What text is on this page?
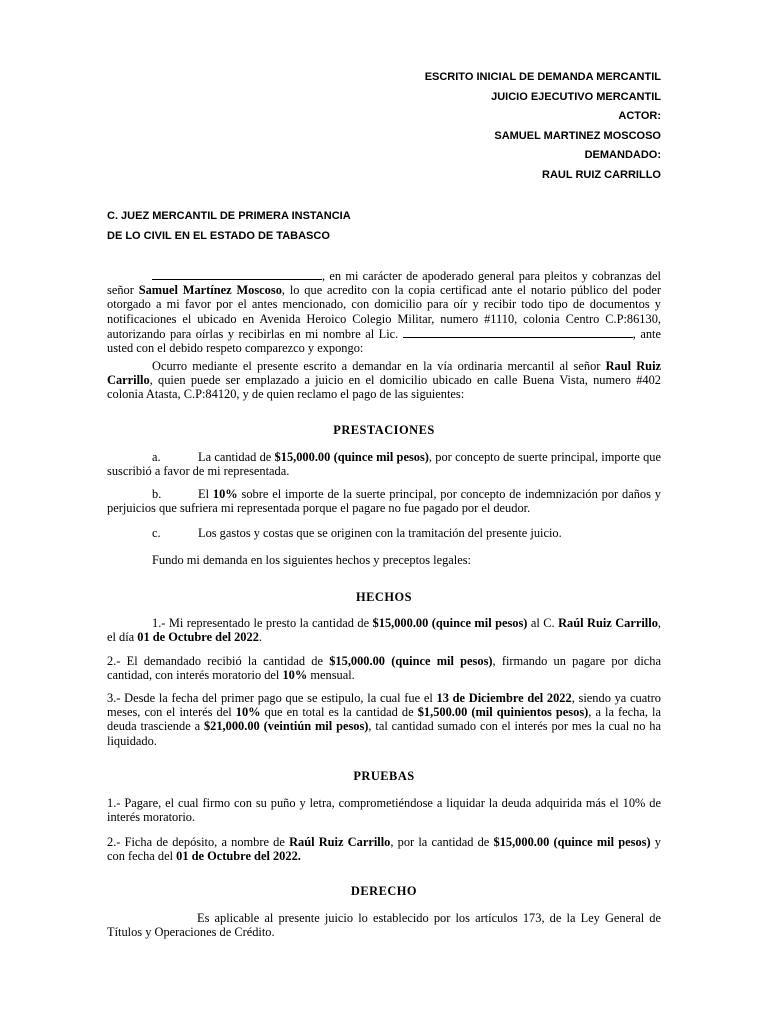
ESCRITO INICIAL DE DEMANDA MERCANTIL
JUICIO EJECUTIVO MERCANTIL
ACTOR:
SAMUEL MARTINEZ MOSCOSO
DEMANDADO:
RAUL RUIZ CARRILLO
C. JUEZ MERCANTIL DE PRIMERA INSTANCIA
DE LO CIVIL EN EL ESTADO DE TABASCO

, en mi carácter de apoderado general para pleitos y cobranzas del señor Samuel Martínez Moscoso, lo que acredito con la copia certificad ante el notario público del poder otorgado a mi favor por el antes mencionado, con domicilio para oír y recibir todo tipo de documentos y notificaciones el ubicado en Avenida Heroico Colegio Militar, numero #1110, colonia Centro C.P:86130, autorizando para oírlas y recibirlas en mi nombre al Lic.	, ante usted con el debido respeto comparezco y expongo:

Ocurro mediante el presente escrito a demandar en la vía ordinaria mercantil al señor Raul Ruiz Carrillo, quien puede ser emplazado a juicio en el domicilio ubicado en calle Buena Vista, numero #402 colonia Atasta, C.P:84120, y de quien reclamo el pago de las siguientes:

PRESTACIONES

a.	La cantidad de $15,000.00 (quince mil pesos), por concepto de suerte principal, importe que suscribió a favor de mi representada.

b.	El 10% sobre el importe de la suerte principal, por concepto de indemnización por daños y perjuicios que sufriera mi representada porque el pagare no fue pagado por el deudor.

c.	Los gastos y costas que se originen con la tramitación del presente juicio.

Fundo mi demanda en los siguientes hechos y preceptos legales:

HECHOS

1.- Mi representado le presto la cantidad de $15,000.00 (quince mil pesos) al C. Raúl Ruiz Carrillo, el día 01 de Octubre del 2022.

2.- El demandado recibió la cantidad de $15,000.00 (quince mil pesos), firmando un pagare por dicha cantidad, con interés moratorio del 10% mensual.

3.- Desde la fecha del primer pago que se estipulo, la cual fue el 13 de Diciembre del 2022, siendo ya cuatro meses, con el interés del 10% que en total es la cantidad de $1,500.00 (mil quinientos pesos), a la fecha, la deuda trasciende a $21,000.00 (veintiún mil pesos), tal cantidad sumado con el interés por mes la cual no ha liquidado.

PRUEBAS

1.- Pagare, el cual firmo con su puño y letra, comprometiéndose a liquidar la deuda adquirida más el 10% de interés moratorio.

2.- Ficha de depósito, a nombre de Raúl Ruiz Carrillo, por la cantidad de $15,000.00 (quince mil pesos) y con fecha del 01 de Octubre del 2022.

DERECHO

Es aplicable al presente juicio lo establecido por los artículos 173, de la Ley General de Títulos y Operaciones de Crédito.
